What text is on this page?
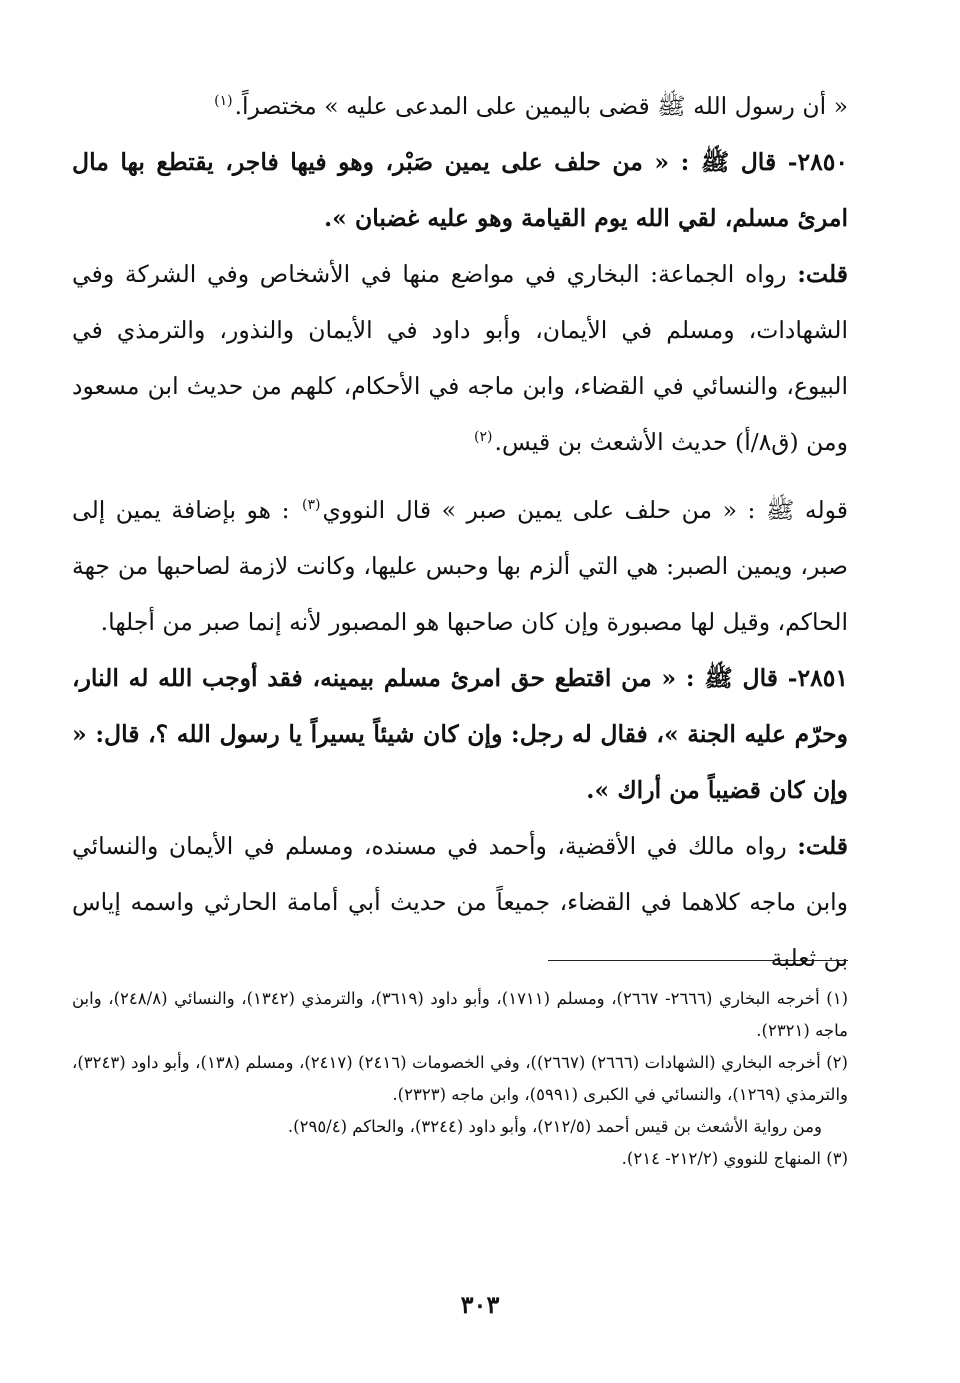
« أن رسول الله ﷺ قضى باليمين على المدعى عليه » مختصراً.$^{(١)}$

٢٨٥٠- قال ﷺ : « من حلف على يمين صَبْر، وهو فيها فاجر، يقتطع بها مال امرئ مسلم، لقي الله يوم القيامة وهو عليه غضبان ».

قلت: رواه الجماعة: البخاري في مواضع منها في الأشخاص وفي الشركة وفي الشهادات، ومسلم في الأيمان، وأبو داود في الأيمان والنذور، والترمذي في البيوع، والنسائي في القضاء، وابن ماجه في الأحكام، كلهم من حديث ابن مسعود ومن (ق٨/أ) حديث الأشعث بن قيس.$^{(٢)}$

قوله ﷺ : « من حلف على يمين صبر » قال النووي$^{(٣)}$ : هو بإضافة يمين إلى صبر، ويمين الصبر: هي التي ألزم بها وحبس عليها، وكانت لازمة لصاحبها من جهة الحاكم، وقيل لها مصبورة وإن كان صاحبها هو المصبور لأنه إنما صبر من أجلها.

٢٨٥١- قال ﷺ : « من اقتطع حق امرئ مسلم بيمينه، فقد أوجب الله له النار، وحرّم عليه الجنة »، فقال له رجل: وإن كان شيئاً يسيراً يا رسول الله ؟، قال: « وإن كان قضيباً من أراك ».

قلت: رواه مالك في الأقضية، وأحمد في مسنده، ومسلم في الأيمان والنسائي وابن ماجه كلاهما في القضاء، جميعاً من حديث أبي أمامة الحارثي واسمه إياس بن ثعلبة

(١) أخرجه البخاري (٢٦٦٦- ٢٦٦٧)، ومسلم (١٧١١)، وأبو داود (٣٦١٩)، والترمذي (١٣٤٢)، والنسائي (٢٤٨/٨)، وابن ماجه (٢٣٢١).

(٢) أخرجه البخاري (الشهادات (٢٦٦٦) (٢٦٦٧))، وفي الخصومات (٢٤١٦) (٢٤١٧)، ومسلم (١٣٨)، وأبو داود (٣٢٤٣)، والترمذي (١٢٦٩)، والنسائي في الكبرى (٥٩٩١)، وابن ماجه (٢٣٢٣).

ومن رواية الأشعث بن قيس أحمد (٢١٢/٥)، وأبو داود (٣٢٤٤)، والحاكم (٢٩٥/٤).

(٣) المنهاج للنووي (٢١٢/٢- ٢١٤).

٣٠٣
